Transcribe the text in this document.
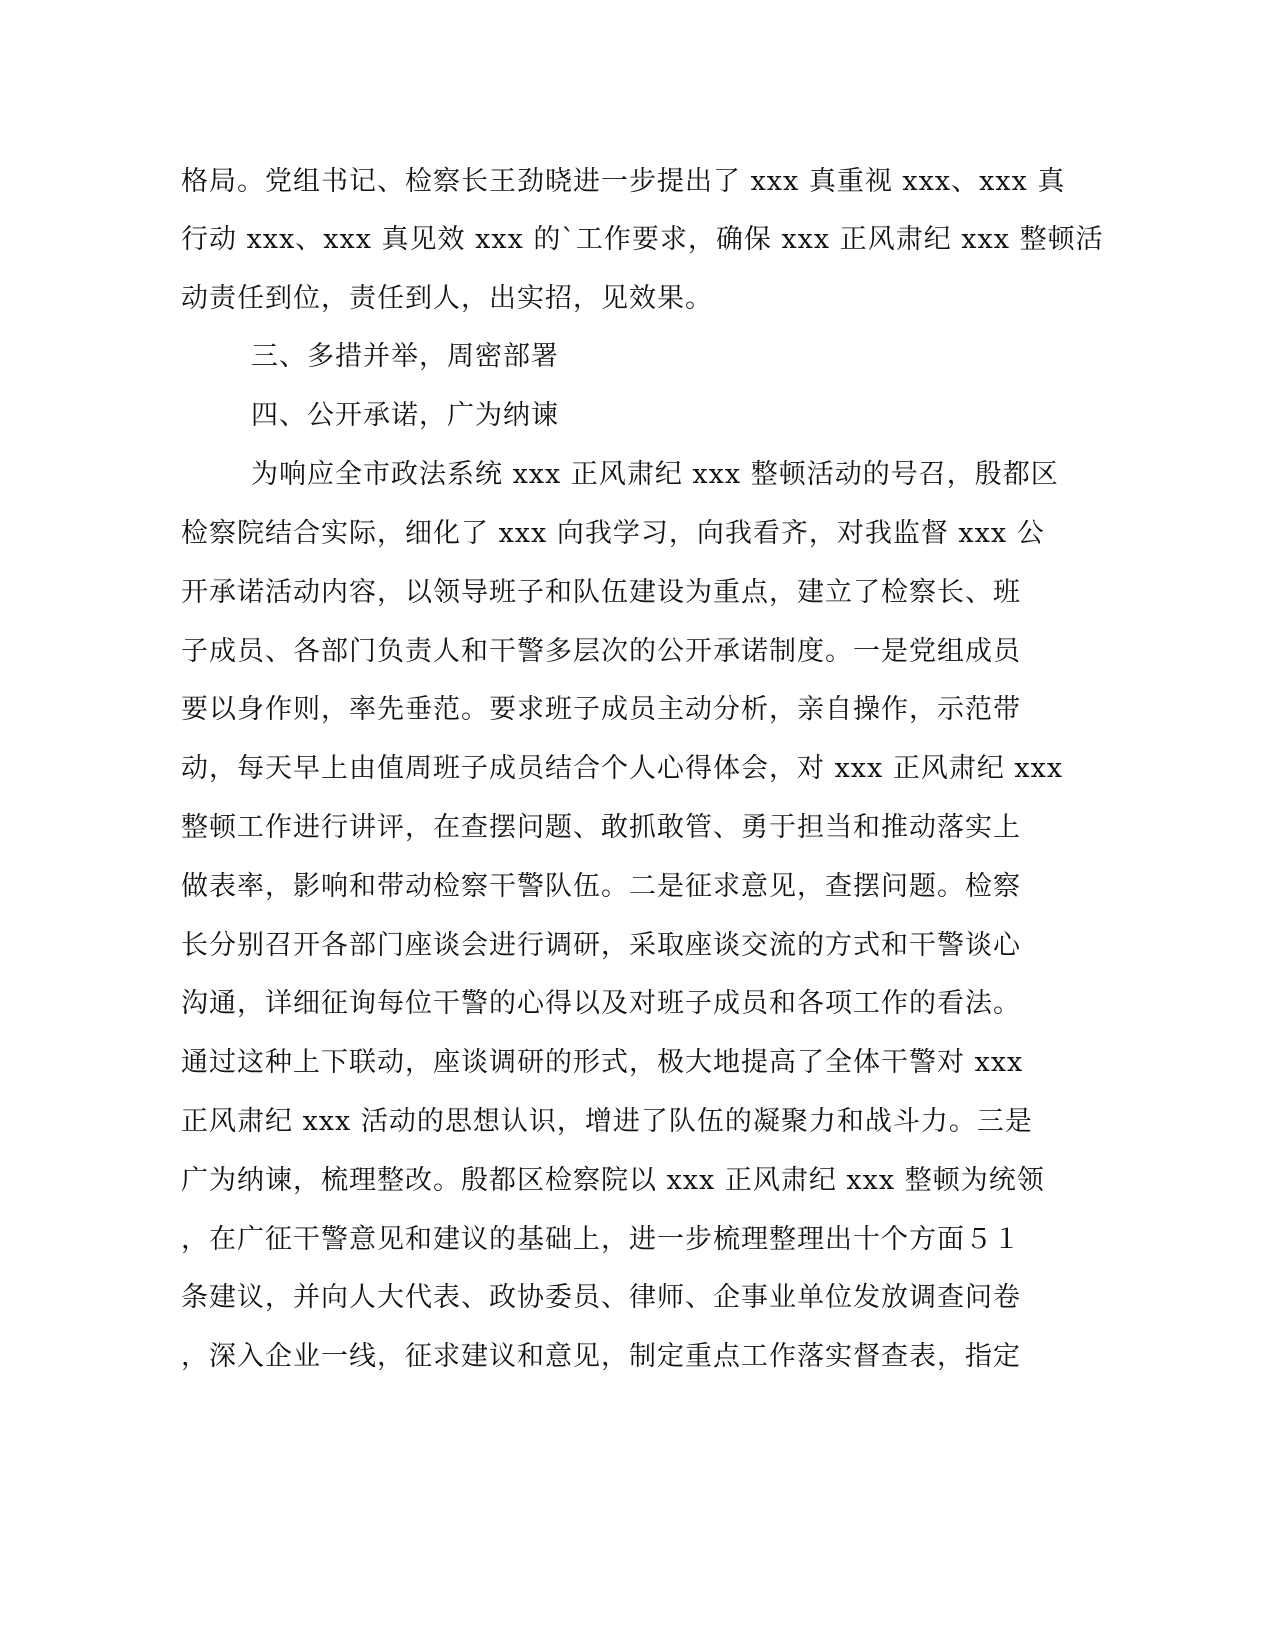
格局。党组书记、检察长王劲晓进一步提出了 xxx 真重视 xxx、xxx 真
行动 xxx、xxx 真见效 xxx 的`工作要求，确保 xxx 正风肃纪 xxx 整顿活
动责任到位，责任到人，出实招，见效果。
三、多措并举，周密部署
四、公开承诺，广为纳谏
为响应全市政法系统 xxx 正风肃纪 xxx 整顿活动的号召，殷都区
检察院结合实际，细化了 xxx 向我学习，向我看齐，对我监督 xxx 公
开承诺活动内容，以领导班子和队伍建设为重点，建立了检察长、班
子成员、各部门负责人和干警多层次的公开承诺制度。一是党组成员
要以身作则，率先垂范。要求班子成员主动分析，亲自操作，示范带
动，每天早上由值周班子成员结合个人心得体会，对 xxx 正风肃纪 xxx
整顿工作进行讲评，在查摆问题、敢抓敢管、勇于担当和推动落实上
做表率，影响和带动检察干警队伍。二是征求意见，查摆问题。检察
长分别召开各部门座谈会进行调研，采取座谈交流的方式和干警谈心
沟通，详细征询每位干警的心得以及对班子成员和各项工作的看法。
通过这种上下联动，座谈调研的形式，极大地提高了全体干警对 xxx
正风肃纪 xxx 活动的思想认识，增进了队伍的凝聚力和战斗力。三是
广为纳谏，梳理整改。殷都区检察院以 xxx 正风肃纪 xxx 整顿为统领
，在广征干警意见和建议的基础上，进一步梳理整理出十个方面５１
条建议，并向人大代表、政协委员、律师、企事业单位发放调查问卷
，深入企业一线，征求建议和意见，制定重点工作落实督查表，指定
